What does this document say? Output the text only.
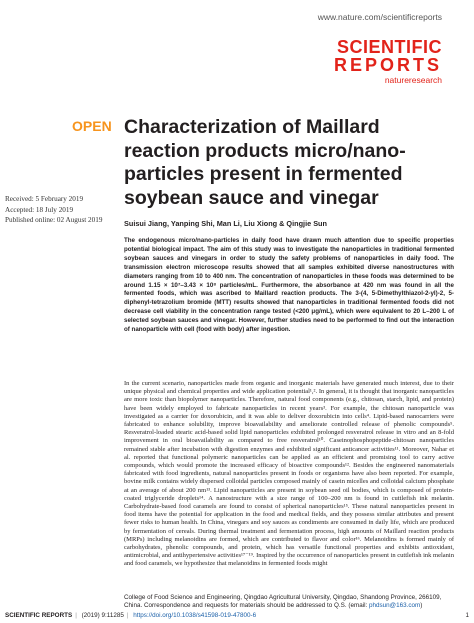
www.nature.com/scientificreports
SCIENTIFIC
REPORTS
natureresearch
OPEN
Received: 5 February 2019
Accepted: 18 July 2019
Published online: 02 August 2019
Characterization of Maillard reaction products micro/nano-particles present in fermented soybean sauce and vinegar
Suisui Jiang, Yanping Shi, Man Li, Liu Xiong & Qingjie Sun
The endogenous micro/nano-particles in daily food have drawn much attention due to specific properties potential biological impact. The aim of this study was to investigate the nanoparticles in traditional fermented soybean sauces and vinegars in order to study the safety problems of nanoparticles in daily food. The transmission electron microscope results showed that all samples exhibited diverse nanostructures with diameters ranging from 10 to 400 nm. The concentration of nanoparticles in these foods was determined to be around 1.15 × 10⁷–3.43 × 10⁸ particles/mL. Furthermore, the absorbance at 420 nm was found in all the fermented foods, which was ascribed to Maillard reaction products. The 3-(4, 5-Dimethylthiazol-2-yl)-2, 5-diphenyl-tetrazolium bromide (MTT) results showed that nanoparticles in traditional fermented foods did not decrease cell viability in the concentration range tested (<200 μg/mL), which were equivalent to 20 L–200 L of selected soybean sauces and vinegar. However, further studies need to be performed to find out the interaction of nanoparticle with cell (food with body) after ingestion.
In the current scenario, nanoparticles made from organic and inorganic materials have generated much interest, due to their unique physical and chemical properties and wide application potential¹,². In general, it is thought that inorganic nanoparticles are more toxic than biopolymer nanoparticles. Therefore, natural food components (e.g., chitosan, starch, lipid, and protein) have been widely employed to fabricate nanoparticles in recent years³. For example, the chitosan nanoparticle was investigated as a carrier for doxorubicin, and it was able to deliver doxorubicin into cells⁴. Lipid-based nanocarriers were fabricated to enhance solubility, improve bioavailability and ameliorate controlled release of phenolic compounds⁵. Resveratrol-loaded stearic acid-based solid lipid nanoparticles exhibited prolonged resveratrol release in vitro and an 8-fold improvement in oral bioavailability as compared to free resveratrol¹⁰. Caseinophosphopeptide-chitosan nanoparticles remained stable after incubation with digestion enzymes and exhibited significant anticancer activities¹¹. Moreover, Nahar et al. reported that functional polymeric nanoparticles can be applied as an efficient and promising tool to carry active compounds, which would promote the increased efficacy of bioactive compounds¹². Besides the engineered nanomaterials fabricated with food ingredients, natural nanoparticles present in foods or organisms have also been reported. For example, bovine milk contains widely dispersed colloidal particles composed mainly of casein micelles and colloidal calcium phosphate at an average of about 200 nm¹³. Lipid nanoparticles are present in soybean seed oil bodies, which is composed of protein-coated triglyceride droplets¹⁴. A nanostructure with a size range of 100–200 nm is found in cuttlefish ink melanin. Carbohydrate-based food caramels are found to consist of spherical nanoparticles¹⁵. These natural nanoparticles present in food items have the potential for application in the food and medical fields, and they possess similar attributes and present fewer risks to human health. In China, vinegars and soy sauces as condiments are consumed in daily life, which are produced by fermentation of cereals. During thermal treatment and fermentation process, high amounts of Maillard reaction products (MRPs) including melanoidins are formed, which are contributed to flavor and color¹⁶. Melanoidins is formed mainly of carbohydrates, phenolic compounds, and protein, which has versatile functional properties and exhibits antioxidant, antimicrobial, and antihypertensive activities¹⁷⁻¹⁹. Inspired by the occurrence of nanoparticles present in cuttlefish ink melanin and food caramels, we hypothesize that melanoidins in fermented foods might
College of Food Science and Engineering, Qingdao Agricultural University, Qingdao, Shandong Province, 266109, China. Correspondence and requests for materials should be addressed to Q.S. (email: phdsun@163.com)
SCIENTIFIC REPORTS | (2019) 9:11285 | https://doi.org/10.1038/s41598-019-47800-6	1
